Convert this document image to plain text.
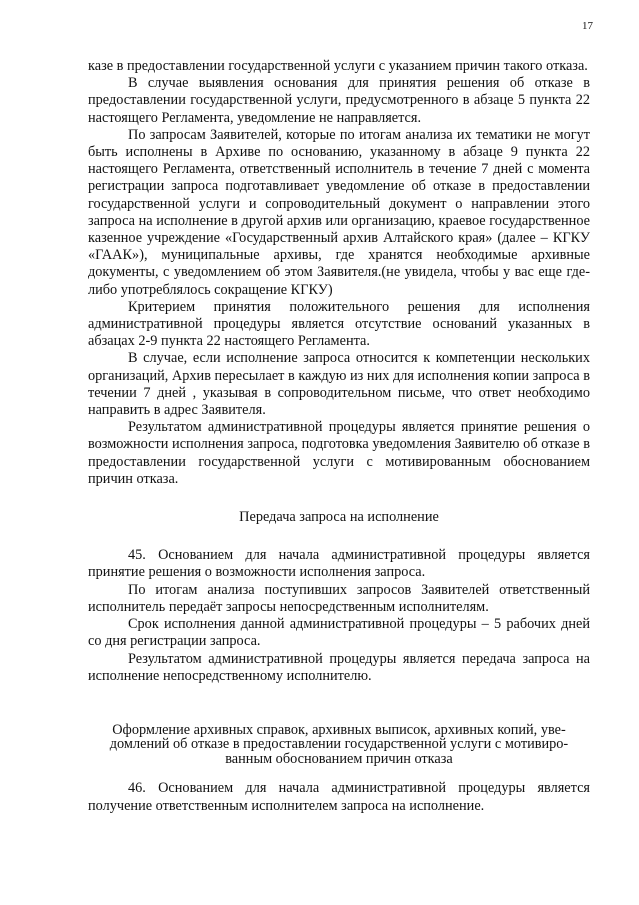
17

казе в предоставлении государственной услуги с указанием причин такого отказа.

В случае выявления основания для принятия решения об отказе в предоставлении государственной услуги, предусмотренного в абзаце 5 пункта 22 настоящего Регламента, уведомление не направляется.

По запросам Заявителей, которые по итогам анализа их тематики не могут быть исполнены в Архиве по основанию, указанному в абзаце 9 пункта 22 настоящего Регламента, ответственный исполнитель в течение 7 дней с момента регистрации запроса подготавливает уведомление об отказе в предоставлении государственной услуги и сопроводительный документ о направлении этого запроса на исполнение в другой архив или организацию, краевое государственное казенное учреждение «Государственный архив Алтайского края» (далее – КГКУ «ГААК»), муниципальные архивы, где хранятся необходимые архивные документы, с уведомлением об этом Заявителя.(не увидела, чтобы у вас еще где-либо употреблялось сокращение КГКУ)

Критерием принятия положительного решения для исполнения административной процедуры является отсутствие оснований указанных в абзацах 2-9 пункта 22 настоящего Регламента.

В случае, если исполнение запроса относится к компетенции нескольких организаций, Архив пересылает в каждую из них для исполнения копии запроса в течении 7 дней , указывая в сопроводительном письме, что ответ необходимо направить в адрес Заявителя.

Результатом административной процедуры является принятие решения о возможности исполнения запроса, подготовка уведомления Заявителю об отказе в предоставлении государственной услуги с мотивированным обоснованием причин отказа.

Передача запроса на исполнение

45. Основанием для начала административной процедуры является принятие решения о возможности исполнения запроса.

По итогам анализа поступивших запросов Заявителей ответственный исполнитель передаёт запросы непосредственным исполнителям.

Срок исполнения данной административной процедуры – 5 рабочих дней со дня регистрации запроса.

Результатом административной процедуры является передача запроса на исполнение непосредственному исполнителю.

Оформление архивных справок, архивных выписок, архивных копий, уве-
домлений об отказе в предоставлении государственной услуги с мотивиро-
ванным обоснованием причин отказа

46. Основанием для начала административной процедуры является получение ответственным исполнителем запроса на исполнение.
